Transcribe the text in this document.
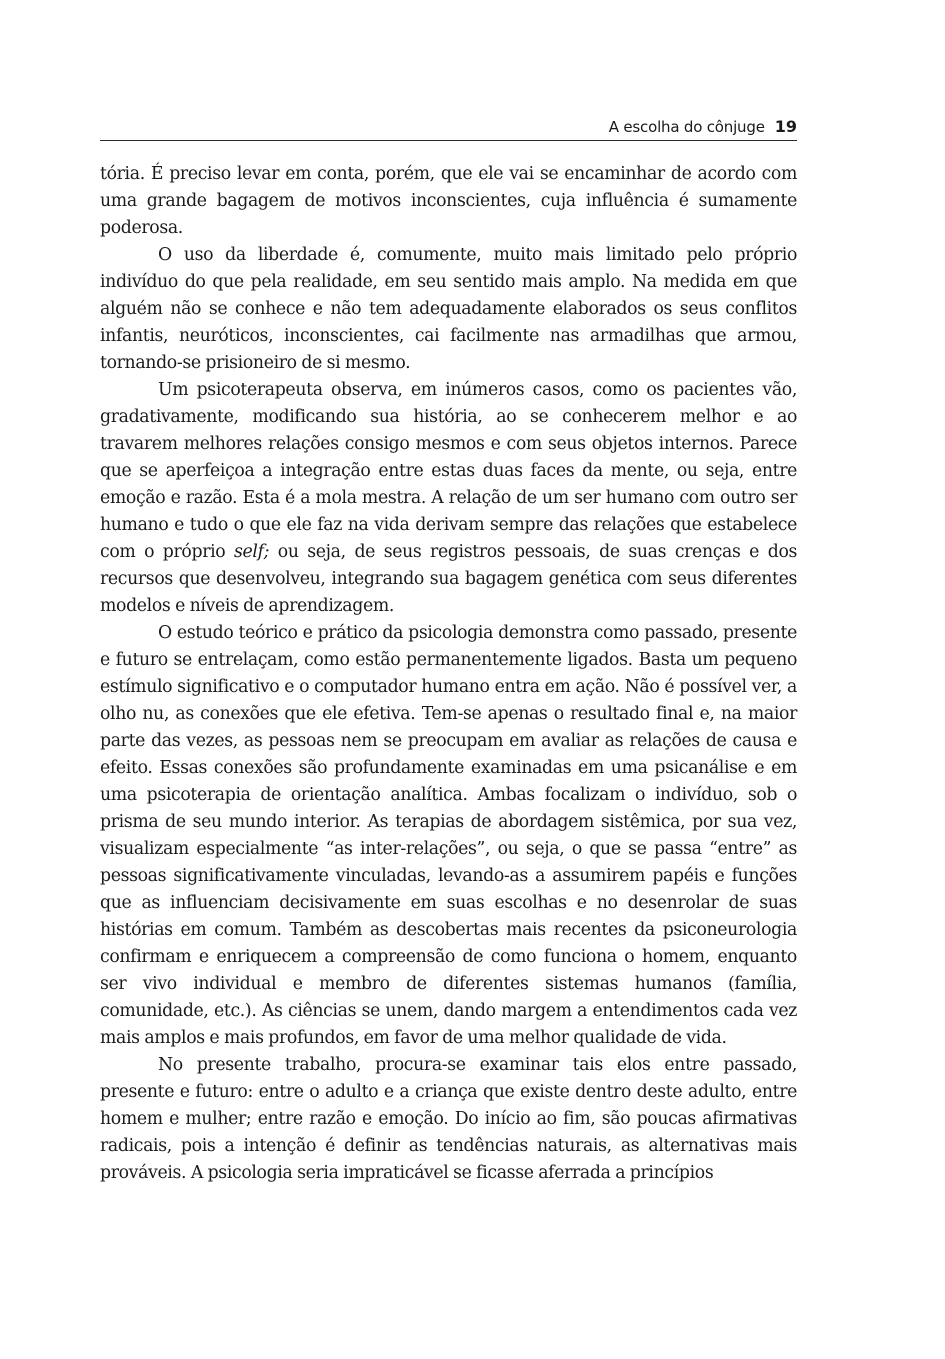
A escolha do cônjuge 19

tória. É preciso levar em conta, porém, que ele vai se encaminhar de acordo com uma grande bagagem de motivos inconscientes, cuja influência é sumamente poderosa.

O uso da liberdade é, comumente, muito mais limitado pelo próprio indivíduo do que pela realidade, em seu sentido mais amplo. Na medida em que alguém não se conhece e não tem adequadamente elaborados os seus conflitos infantis, neuróticos, inconscientes, cai facilmente nas armadilhas que armou, tornando-se prisioneiro de si mesmo.

Um psicoterapeuta observa, em inúmeros casos, como os pacientes vão, gradativamente, modificando sua história, ao se conhecerem melhor e ao travarem melhores relações consigo mesmos e com seus objetos internos. Parece que se aperfeiçoa a integração entre estas duas faces da mente, ou seja, entre emoção e razão. Esta é a mola mestra. A relação de um ser humano com outro ser humano e tudo o que ele faz na vida derivam sempre das relações que estabelece com o próprio self; ou seja, de seus registros pessoais, de suas crenças e dos recursos que desenvolveu, integrando sua bagagem genética com seus diferentes modelos e níveis de aprendizagem.

O estudo teórico e prático da psicologia demonstra como passado, presente e futuro se entrelaçam, como estão permanentemente ligados. Basta um pequeno estímulo significativo e o computador humano entra em ação. Não é possível ver, a olho nu, as conexões que ele efetiva. Tem-se apenas o resultado final e, na maior parte das vezes, as pessoas nem se preocupam em avaliar as relações de causa e efeito. Essas conexões são profundamente examinadas em uma psicanálise e em uma psicoterapia de orientação analítica. Ambas focalizam o indivíduo, sob o prisma de seu mundo interior. As terapias de abordagem sistêmica, por sua vez, visualizam especialmente “as inter-relações”, ou seja, o que se passa “entre” as pessoas significativamente vinculadas, levando-as a assumirem papéis e funções que as influenciam decisivamente em suas escolhas e no desenrolar de suas histórias em comum. Também as descobertas mais recentes da psiconeurologia confirmam e enriquecem a compreensão de como funciona o homem, enquanto ser vivo individual e membro de diferentes sistemas humanos (família, comunidade, etc.). As ciências se unem, dando margem a entendimentos cada vez mais amplos e mais profundos, em favor de uma melhor qualidade de vida.

No presente trabalho, procura-se examinar tais elos entre passado, presente e futuro: entre o adulto e a criança que existe dentro deste adulto, entre homem e mulher; entre razão e emoção. Do início ao fim, são poucas afirmativas radicais, pois a intenção é definir as tendências naturais, as alternativas mais prováveis. A psicologia seria impraticável se ficasse aferrada a princípios
